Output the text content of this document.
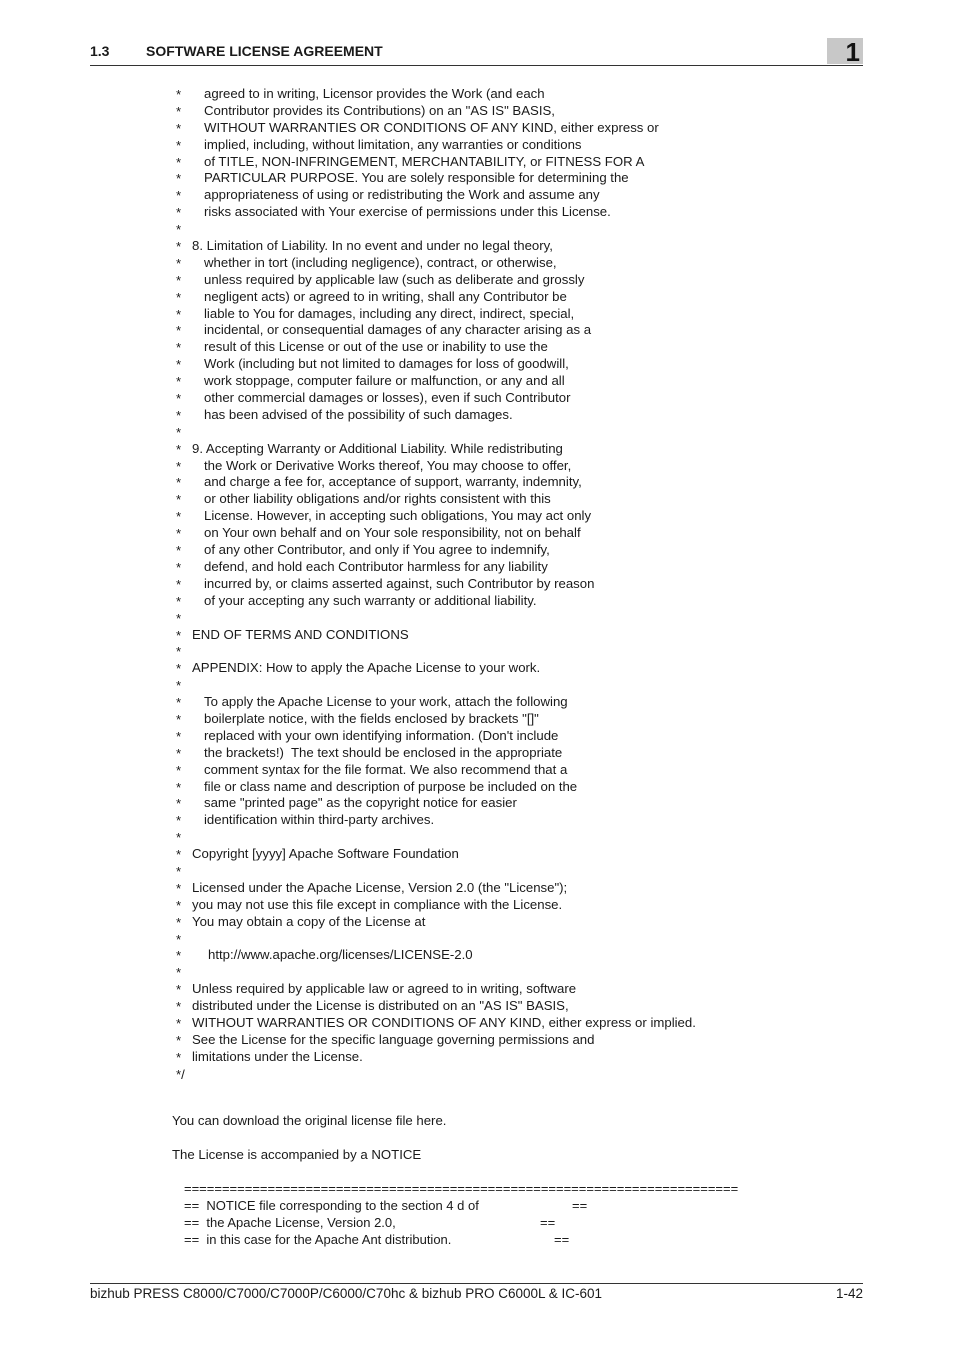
1.3	SOFTWARE LICENSE AGREEMENT	1
* agreed to in writing, Licensor provides the Work (and each
* Contributor provides its Contributions) on an "AS IS" BASIS,
* WITHOUT WARRANTIES OR CONDITIONS OF ANY KIND, either express or
* implied, including, without limitation, any warranties or conditions
* of TITLE, NON-INFRINGEMENT, MERCHANTABILITY, or FITNESS FOR A
* PARTICULAR PURPOSE. You are solely responsible for determining the
* appropriateness of using or redistributing the Work and assume any
* risks associated with Your exercise of permissions under this License.
*
* 8. Limitation of Liability. In no event and under no legal theory,
* whether in tort (including negligence), contract, or otherwise,
* unless required by applicable law (such as deliberate and grossly
* negligent acts) or agreed to in writing, shall any Contributor be
* liable to You for damages, including any direct, indirect, special,
* incidental, or consequential damages of any character arising as a
* result of this License or out of the use or inability to use the
* Work (including but not limited to damages for loss of goodwill,
* work stoppage, computer failure or malfunction, or any and all
* other commercial damages or losses), even if such Contributor
* has been advised of the possibility of such damages.
*
* 9. Accepting Warranty or Additional Liability. While redistributing
* the Work or Derivative Works thereof, You may choose to offer,
* and charge a fee for, acceptance of support, warranty, indemnity,
* or other liability obligations and/or rights consistent with this
* License. However, in accepting such obligations, You may act only
* on Your own behalf and on Your sole responsibility, not on behalf
* of any other Contributor, and only if You agree to indemnify,
* defend, and hold each Contributor harmless for any liability
* incurred by, or claims asserted against, such Contributor by reason
* of your accepting any such warranty or additional liability.
*
* END OF TERMS AND CONDITIONS
*
* APPENDIX: How to apply the Apache License to your work.
*
* To apply the Apache License to your work, attach the following
* boilerplate notice, with the fields enclosed by brackets "[]"
* replaced with your own identifying information. (Don't include
* the brackets!)  The text should be enclosed in the appropriate
* comment syntax for the file format. We also recommend that a
* file or class name and description of purpose be included on the
* same "printed page" as the copyright notice for easier
* identification within third-party archives.
*
* Copyright [yyyy] Apache Software Foundation
*
* Licensed under the Apache License, Version 2.0 (the "License");
* you may not use this file except in compliance with the License.
* You may obtain a copy of the License at
*
* http://www.apache.org/licenses/LICENSE-2.0
*
* Unless required by applicable law or agreed to in writing, software
* distributed under the License is distributed on an "AS IS" BASIS,
* WITHOUT WARRANTIES OR CONDITIONS OF ANY KIND, either express or implied.
* See the License for the specific language governing permissions and
* limitations under the License.
*/
You can download the original license file here.
The License is accompanied by a NOTICE
=========================================================================
==  NOTICE file corresponding to the section 4 d of	==
==  the Apache License, Version 2.0,	==
==  in this case for the Apache Ant distribution.	==
bizhub PRESS C8000/C7000/C7000P/C6000/C70hc & bizhub PRO C6000L & IC-601	1-42
